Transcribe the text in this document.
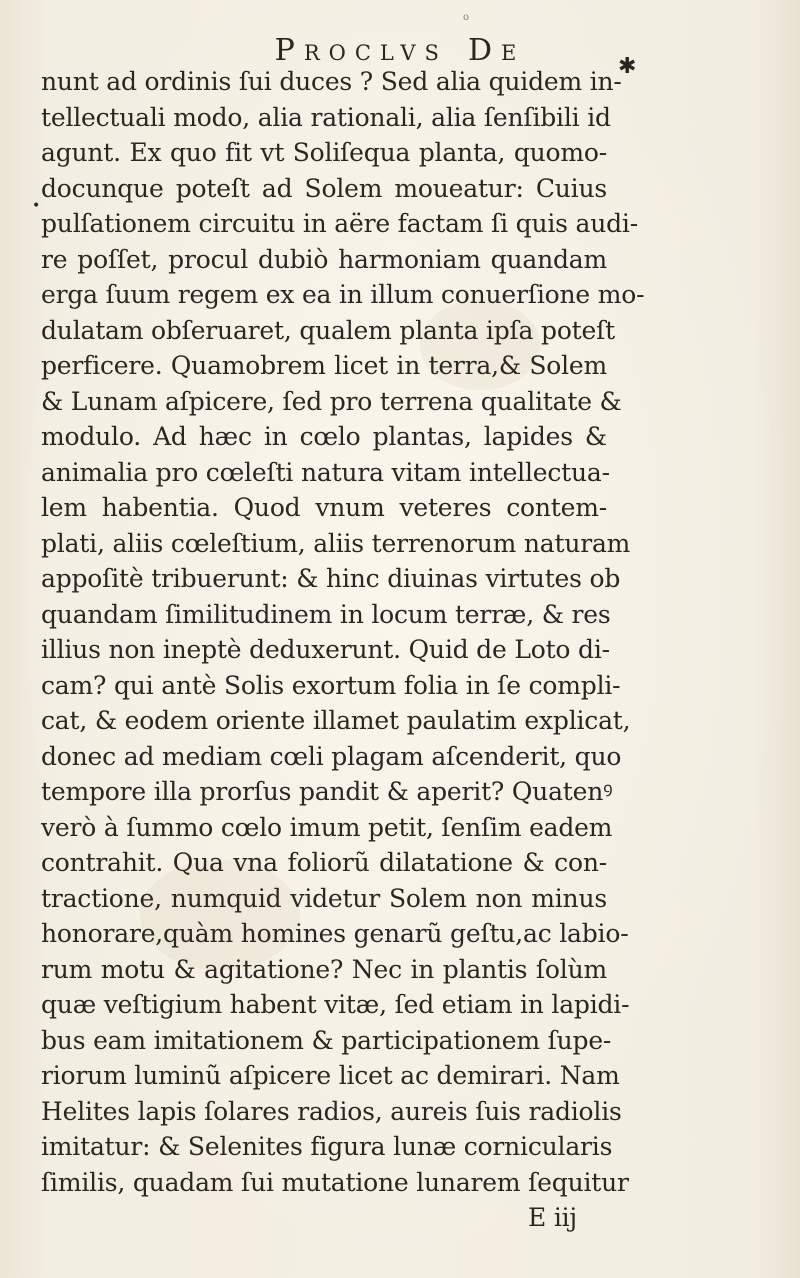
o
PROCLVS DE
✱
•
nunt ad ordinis ſui duces ? Sed alia quidem in-
tellectuali modo, alia rationali, alia ſenſibili id
agunt. Ex quo fit vt Soliſequa planta, quomo-
docunque poteſt ad Solem moueatur: Cuius
pulſationem circuitu in aëre factam ſi quis audi-
re poſſet, procul dubiò harmoniam quandam
erga ſuum regem ex ea in illum conuerſione mo-
dulatam obſeruaret, qualem planta ipſa poteſt
perficere. Quamobrem licet in terra,& Solem
& Lunam aſpicere, ſed pro terrena qualitate &
modulo. Ad hæc in cœlo plantas, lapides &
animalia pro cœleſti natura vitam intellectua-
lem habentia. Quod vnum veteres contem-
plati, aliis cœleſtium, aliis terrenorum naturam
appoſitè tribuerunt: & hinc diuinas virtutes ob
quandam ſimilitudinem in locum terræ, & res
illius non ineptè deduxerunt. Quid de Loto di-
cam? qui antè Solis exortum folia in ſe compli-
cat, & eodem oriente illamet paulatim explicat,
donec ad mediam cœli plagam aſcenderit, quo
tempore illa prorſus pandit & aperit? Quatenꝰ
verò à ſummo cœlo imum petit, ſenſim eadem
contrahit. Qua vna foliorũ dilatatione & con-
tractione, numquid videtur Solem non minus
honorare,quàm homines genarũ geſtu,ac labio-
rum motu & agitatione? Nec in plantis ſolùm
quæ veſtigium habent vitæ, ſed etiam in lapidi-
bus eam imitationem & participationem ſupe-
riorum luminũ aſpicere licet ac demirari. Nam
Helites lapis ſolares radios, aureis ſuis radiolis
imitatur: & Selenites figura lunæ cornicularis
ſimilis, quadam ſui mutatione lunarem ſequitur
E iij
